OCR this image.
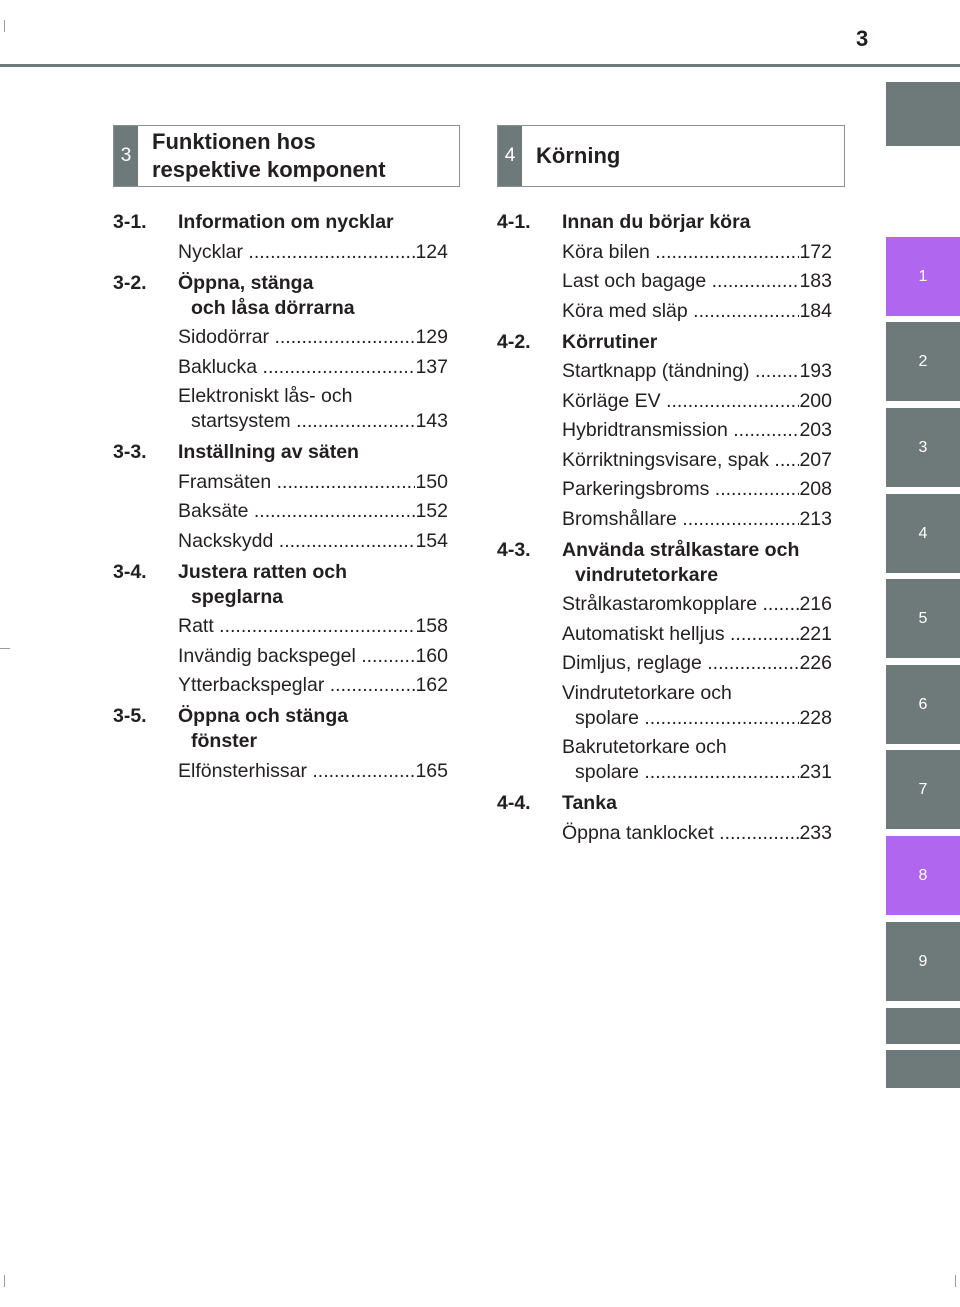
3
1
2
3
4
5
6
7
8
9
3
Funktionen hos
respektive komponent
4 Körning
3-1.	Information om nycklar
Nycklar .....	124
3-2.	Öppna, stänga
och låsa dörrarna
Sidodörrar .....	129
Baklucka .....	137
Elektroniskt lås- och
startsystem .....	143
3-3.	Inställning av säten
Framsäten .....	150
Baksäte .....	152
Nackskydd .....	154
3-4.	Justera ratten och
speglarna
Ratt .....	158
Invändig backspegel .....	160
Ytterbackspeglar .....	162
3-5.	Öppna och stänga
fönster
Elfönsterhissar .....	165
4-1.	Innan du börjar köra
Köra bilen .....	172
Last och bagage .....	183
Köra med släp .....	184
4-2.	Körrutiner
Startknapp (tändning) .....	193
Körläge EV .....	200
Hybridtransmission .....	203
Körriktningsvisare, spak .....	207
Parkeringsbroms .....	208
Bromshållare .....	213
4-3.	Använda strålkastare och
vindrutetorkare
Strålkastaromkopplare .....	216
Automatiskt helljus .....	221
Dimljus, reglage .....	226
Vindrutetorkare och
spolare .....	228
Bakrutetorkare och
spolare .....	231
4-4.	Tanka
Öppna tanklocket .....	233
